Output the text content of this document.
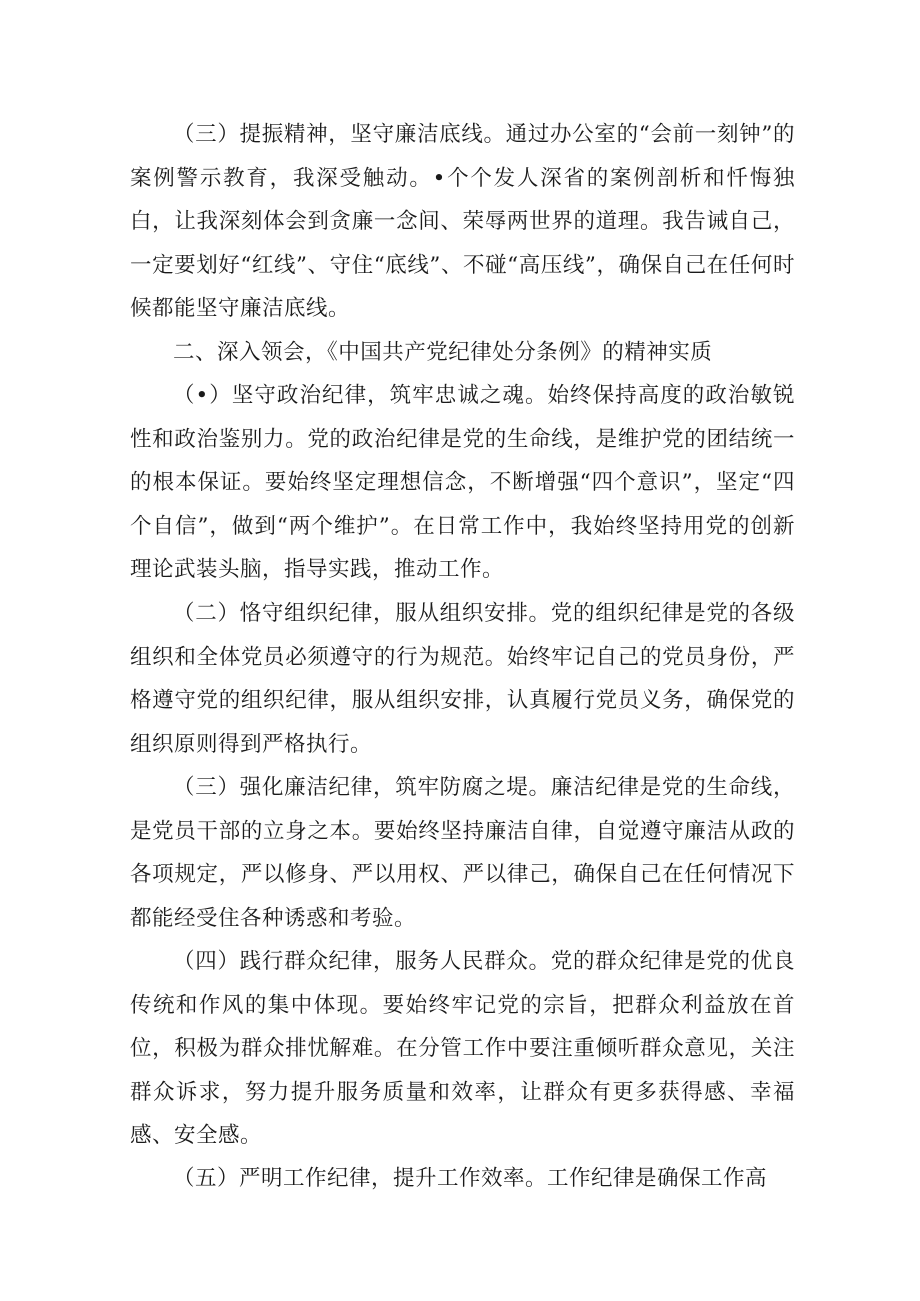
（三）提振精神，坚守廉洁底线。通过办公室的“会前一刻钟”的案例警示教育，我深受触动。•个个发人深省的案例剖析和忏悔独白，让我深刻体会到贪廉一念间、荣辱两世界的道理。我告诫自己，一定要划好“红线”、守住“底线”、不碰“高压线”，确保自己在任何时候都能坚守廉洁底线。

二、深入领会，《中国共产党纪律处分条例》的精神实质

（•）坚守政治纪律，筑牢忠诚之魂。始终保持高度的政治敏锐性和政治鉴别力。党的政治纪律是党的生命线，是维护党的团结统一的根本保证。要始终坚定理想信念，不断增强“四个意识”，坚定“四个自信”，做到“两个维护”。在日常工作中，我始终坚持用党的创新理论武装头脑，指导实践，推动工作。

（二）恪守组织纪律，服从组织安排。党的组织纪律是党的各级组织和全体党员必须遵守的行为规范。始终牢记自己的党员身份，严格遵守党的组织纪律，服从组织安排，认真履行党员义务，确保党的组织原则得到严格执行。

（三）强化廉洁纪律，筑牢防腐之堤。廉洁纪律是党的生命线，是党员干部的立身之本。要始终坚持廉洁自律，自觉遵守廉洁从政的各项规定，严以修身、严以用权、严以律己，确保自己在任何情况下都能经受住各种诱惑和考验。

（四）践行群众纪律，服务人民群众。党的群众纪律是党的优良传统和作风的集中体现。要始终牢记党的宗旨，把群众利益放在首位，积极为群众排忧解难。在分管工作中要注重倾听群众意见，关注群众诉求，努力提升服务质量和效率，让群众有更多获得感、幸福感、安全感。

（五）严明工作纪律，提升工作效率。工作纪律是确保工作高
